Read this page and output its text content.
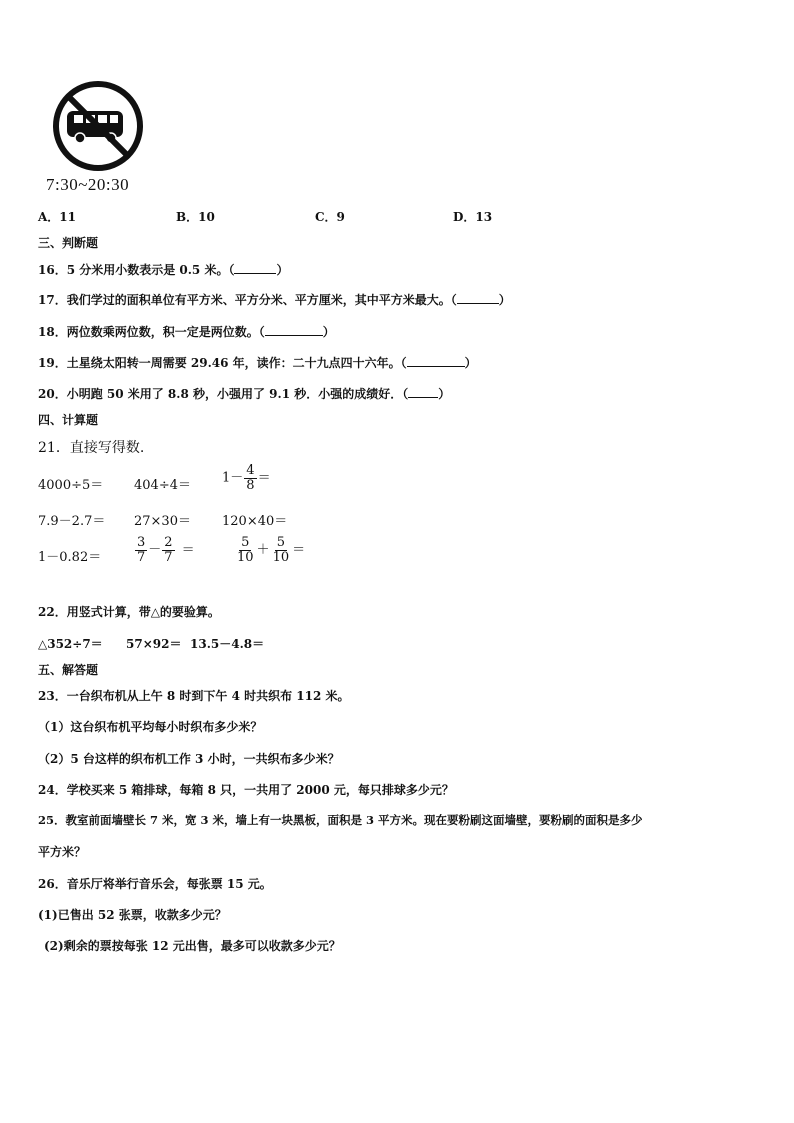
7:30~20:30
A．11	B．10	C．9	D．13
三、判断题
16．5 分米用小数表示是 0.5 米。（	）
17．我们学过的面积单位有平方米、平方分米、平方厘米，其中平方米最大。（	）
18．两位数乘两位数，积一定是两位数。（	）
19．土星绕太阳转一周需要 29.46 年，读作：二十九点四十六年。（	）
20．小明跑 50 米用了 8.8 秒，小强用了 9.1 秒．小强的成绩好．（	）
四、计算题
21．直接写得数.
$4000\div 5= 404\div 4= 1- \frac{4}{8}$ ＝
7.9－2.7＝ 27×30＝ 120×40＝
1－0.82＝	$\frac{3}{7} - \frac{2}{7}$ ＝	$\frac{5}{10} + \frac{5}{10}$ ＝
22．用竖式计算，带△的要验算。
△352÷7＝ 57×92＝ 13.5－4.8＝
五、解答题
23．一台织布机从上午 8 时到下午 4 时共织布 112 米。
（1）这台织布机平均每小时织布多少米？
（2）5 台这样的织布机工作 3 小时，一共织布多少米？
24．学校买来 5 箱排球，每箱 8 只，一共用了 2000 元，每只排球多少元？
25．教室前面墙壁长 7 米，宽 3 米，墙上有一块黑板，面积是 3 平方米。现在要粉刷这面墙壁，要粉刷的面积是多少
平方米？
26．音乐厅将举行音乐会，每张票 15 元。
(1)已售出 52 张票，收款多少元？
(2)剩余的票按每张 12 元出售，最多可以收款多少元？
